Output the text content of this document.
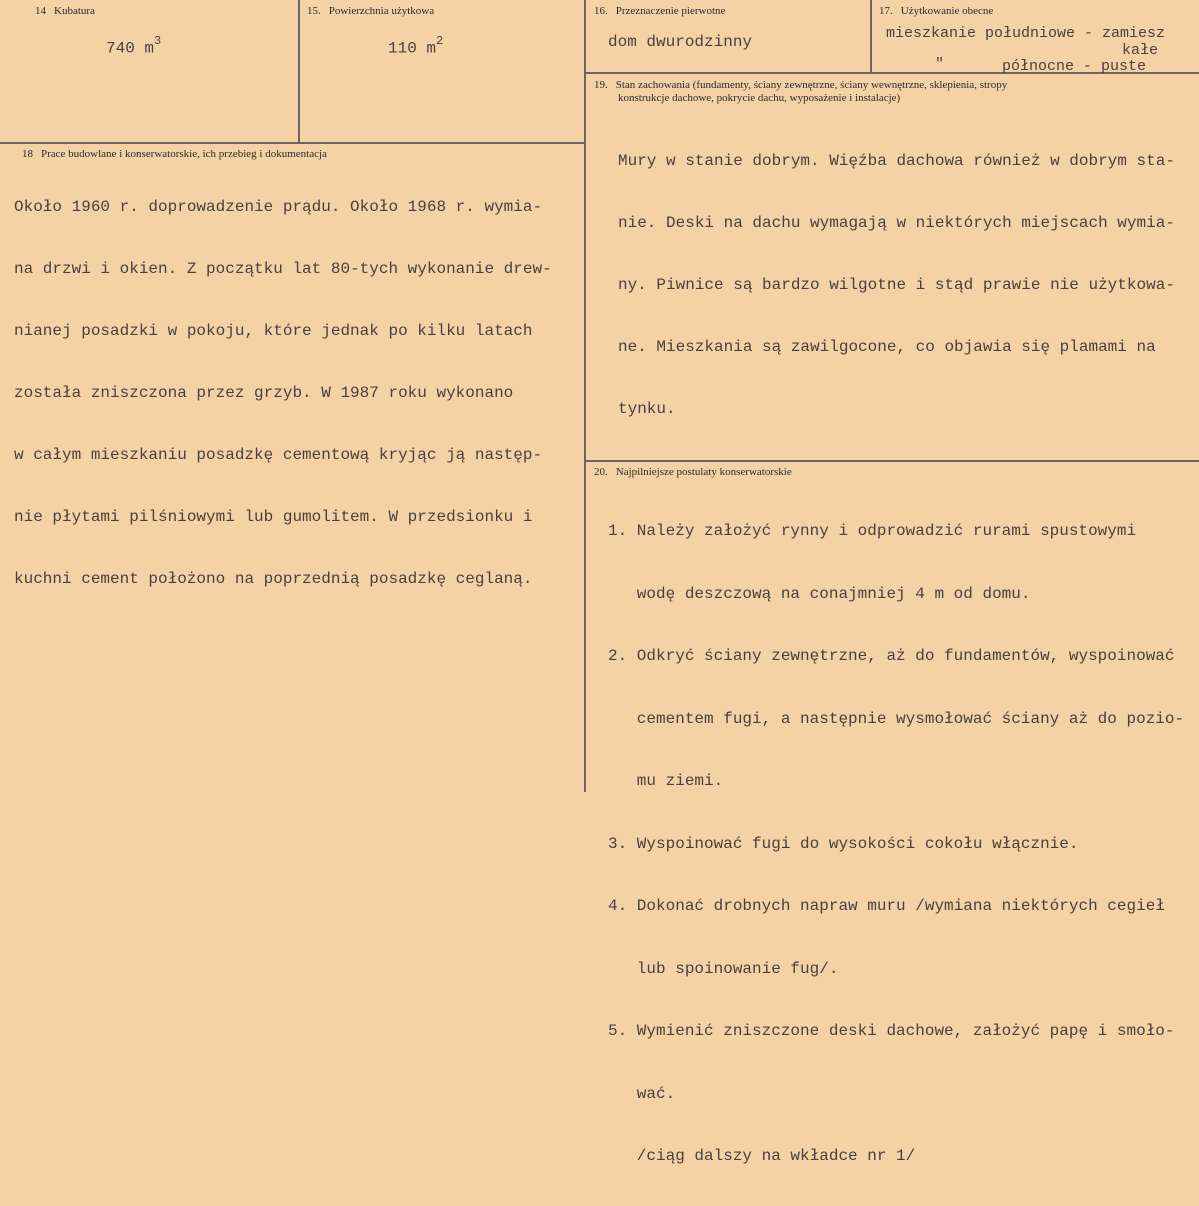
14 Kubatura
740 $m^3$
15. Powierzchnia użytkowa
110 $m^2$
16. Przeznaczenie pierwotne
dom dwurodzinny
17. Użytkowanie obecne
mieszkanie południowe - zamiesz
kałe
"	północne - puste
19. Stan zachowania (fundamenty, ściany zewnętrzne, ściany wewnętrzne, sklepienia, stropy
konstrukcje dachowe, pokrycie dachu, wyposażenie i instalacje)

Mury w stanie dobrym. Więźba dachowa również w dobrym sta-

nie. Deski na dachu wymagają w niektórych miejscach wymia-

ny. Piwnice są bardzo wilgotne i stąd prawie nie użytkowa-

ne. Mieszkania są zawilgocone, co objawia się plamami na

tynku.

18 Prace budowlane i konserwatorskie, ich przebieg i dokumentacja

Około 1960 r. doprowadzenie prądu. Około 1968 r. wymia-

na drzwi i okien. Z początku lat 80-tych wykonanie drew-

nianej posadzki w pokoju, które jednak po kilku latach

została zniszczona przez grzyb. W 1987 roku wykonano

w całym mieszkaniu posadzkę cementową kryjąc ją następ-

nie płytami pilśniowymi lub gumolitem. W przedsionku i

kuchni cement położono na poprzednią posadzkę ceglaną.

20. Najpilniejsze postulaty konserwatorskie

1. Należy założyć rynny i odprowadzić rurami spustowymi

wodę deszczową na conajmniej 4 m od domu.

2. Odkryć ściany zewnętrzne, aż do fundamentów, wyspoinować

cementem fugi, a następnie wysmołować ściany aż do pozio-

mu ziemi.

3. Wyspoinować fugi do wysokości cokołu włącznie.

4. Dokonać drobnych napraw muru /wymiana niektórych cegieł

lub spoinowanie fug/.

5. Wymienić zniszczone deski dachowe, założyć papę i smoło-

wać.

/ciąg dalszy na wkładce nr 1/
